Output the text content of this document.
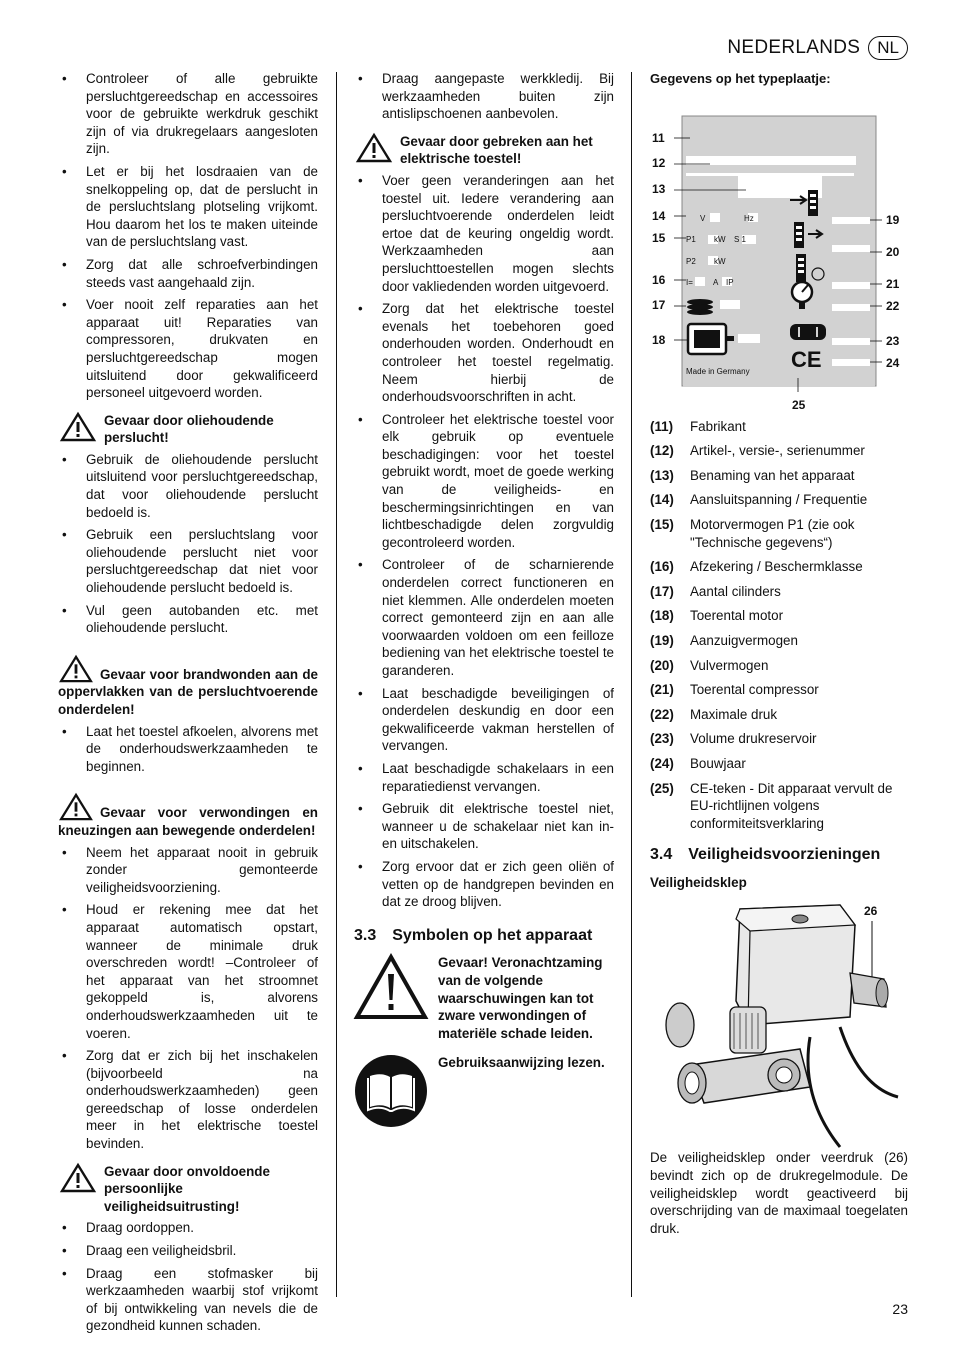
NEDERLANDS	NL
• Controleer of alle gebruikte persluchtgereedschap en accessoires voor de gebruikte werkdruk geschikt zijn of via drukregelaars aangesloten zijn.
• Let er bij het losdraaien van de snelkoppeling op, dat de perslucht in de persluchtslang plotseling vrijkomt. Hou daarom het los te maken uiteinde van de persluchtslang vast.
• Zorg dat alle schroefverbindingen steeds vast aangehaald zijn.
• Voer nooit zelf reparaties aan het apparaat uit! Reparaties van compressoren, drukvaten en persluchtgereedschap mogen uitsluitend door gekwalificeerd personeel uitgevoerd worden.
Gevaar door oliehoudende perslucht!
• Gebruik de oliehoudende perslucht uitsluitend voor persluchtgereedschap, dat voor oliehoudende perslucht bedoeld is.
• Gebruik een persluchtslang voor oliehoudende perslucht niet voor persluchtgereedschap dat niet voor oliehoudende perslucht bedoeld is.
• Vul geen autobanden etc. met oliehoudende perslucht.
Gevaar voor brandwonden aan de oppervlakken van de persluchtvoerende onderdelen!
• Laat het toestel afkoelen, alvorens met de onderhoudswerkzaamheden te beginnen.
Gevaar voor verwondingen en kneuzingen aan bewegende onderdelen!
• Neem het apparaat nooit in gebruik zonder gemonteerde veiligheidsvoorziening.
• Houd er rekening mee dat het apparaat automatisch opstart, wanneer de minimale druk overschreden wordt! –Controleer of het apparaat van het stroomnet gekoppeld is, alvorens onderhoudswerkzaamheden uit te voeren.
• Zorg dat er zich bij het inschakelen (bijvoorbeeld na onderhoudswerkzaamheden) geen gereedschap of losse onderdelen meer in het elektrische toestel bevinden.
Gevaar door onvoldoende persoonlijke veiligheidsuitrusting!
• Draag oordoppen.
• Draag een veiligheidsbril.
• Draag een stofmasker bij werkzaamheden waarbij stof vrijkomt of bij ontwikkeling van nevels die de gezondheid kunnen schaden.
• Draag aangepaste werkkledij. Bij werkzaamheden buiten zijn antislipschoenen aanbevolen.
Gevaar door gebreken aan het elektrische toestel!
• Voer geen veranderingen aan het toestel uit. Iedere verandering aan persluchtvoerende onderdelen leidt ertoe dat de keuring ongeldig wordt. Werkzaamheden aan persluchttoestellen mogen slechts door vakliedenden worden uitgevoerd.
• Zorg dat het elektrische toestel evenals het toebehoren goed onderhouden worden. Onderhoudt en controleer het toestel regelmatig. Neem hierbij de onderhoudsvoorschriften in acht.
• Controleer het elektrische toestel voor elk gebruik op eventuele beschadigingen: voor het toestel gebruikt wordt, moet de goede werking van de veiligheids- en beschermingsinrichtingen en van lichtbeschadigde delen zorgvuldig gecontroleerd worden.
• Controleer of de scharnierende onderdelen correct functioneren en niet klemmen. Alle onderdelen moeten correct gemonteerd zijn en aan alle voorwaarden voldoen om een feilloze bediening van het elektrische toestel te garanderen.
• Laat beschadigde beveiligingen of onderdelen deskundig en door een gekwalificeerde vakman herstellen of vervangen.
• Laat beschadigde schakelaars in een reparatiedienst vervangen.
• Gebruik dit elektrische toestel niet, wanneer u de schakelaar niet kan in- en uitschakelen.
• Zorg ervoor dat er zich geen oliën of vetten op de handgrepen bevinden en dat ze droog blijven.
3.3 Symbolen op het apparaat
Gevaar! Veronachtzaming van de volgende waarschuwingen kan tot zware verwondingen of materiële schade leiden.
Gebruiksaanwijzing lezen.
Gegevens op het typeplaatje:
V	Hz
P1 kW S 1
P2 kW
I=	A IP
Made in Germany CE
11
12
13
14
15
16
17
18
19
20
21
22
23
24
25
(11)	Fabrikant
(12)	Artikel-, versie-, serienummer
(13)	Benaming van het apparaat
(14)	Aansluitspanning / Frequentie
(15)	Motorvermogen P1 (zie ook "Technische gegevens“)
(16)	Afzekering / Beschermklasse
(17)	Aantal cilinders
(18)	Toerental motor
(19)	Aanzuigvermogen
(20)	Vulvermogen
(21)	Toerental compressor
(22)	Maximale druk
(23)	Volume drukreservoir
(24)	Bouwjaar
(25)	CE-teken - Dit apparaat vervult de EU-richtlijnen volgens conformiteitsverklaring
3.4 Veiligheidsvoorzieningen
Veiligheidsklep
26

De veiligheidsklep onder veerdruk (26) bevindt zich op de drukregelmodule. De veiligheidsklep wordt geactiveerd bij overschrijding van de maximaal toegelaten druk.

23
